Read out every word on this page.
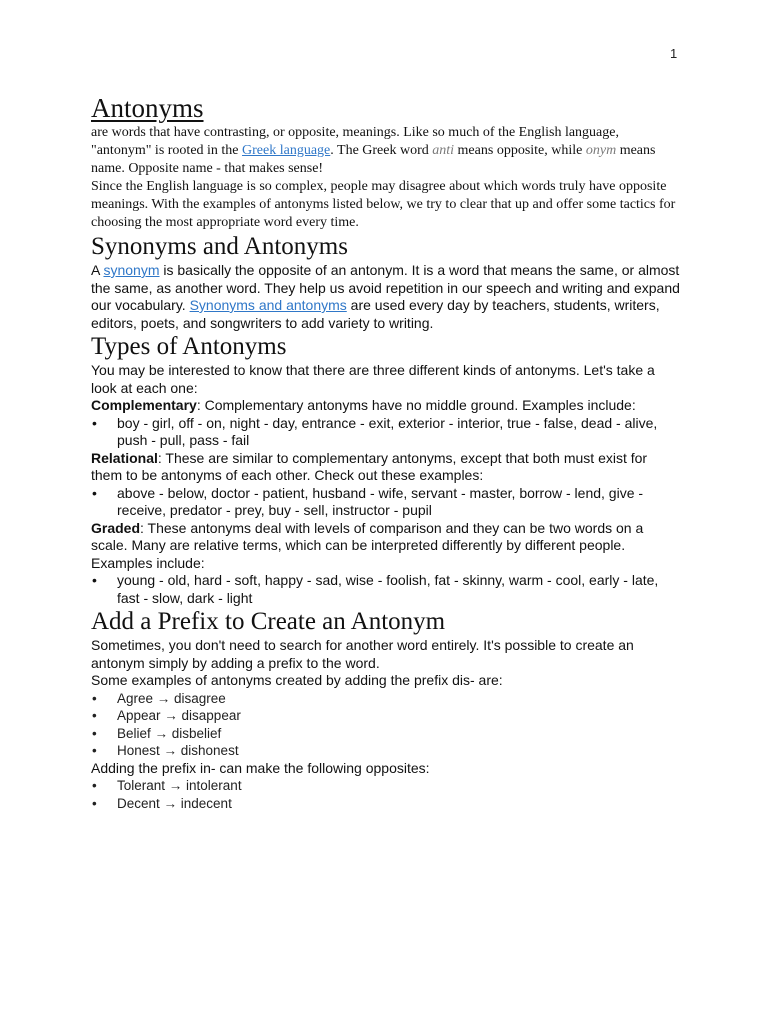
1
Antonyms

are words that have contrasting, or opposite, meanings. Like so much of the English language, "antonym" is rooted in the Greek language. The Greek word anti means opposite, while onym means name. Opposite name - that makes sense!

Since the English language is so complex, people may disagree about which words truly have opposite meanings. With the examples of antonyms listed below, we try to clear that up and offer some tactics for choosing the most appropriate word every time.

Synonyms and Antonyms

A synonym is basically the opposite of an antonym. It is a word that means the same, or almost the same, as another word. They help us avoid repetition in our speech and writing and expand our vocabulary. Synonyms and antonyms are used every day by teachers, students, writers, editors, poets, and songwriters to add variety to writing.

Types of Antonyms

You may be interested to know that there are three different kinds of antonyms. Let's take a look at each one:

Complementary: Complementary antonyms have no middle ground. Examples include:

• boy - girl, off - on, night - day, entrance - exit, exterior - interior, true - false, dead - alive, push - pull, pass - fail

Relational: These are similar to complementary antonyms, except that both must exist for them to be antonyms of each other. Check out these examples:

• above - below, doctor - patient, husband - wife, servant - master, borrow - lend, give - receive, predator - prey, buy - sell, instructor - pupil

Graded: These antonyms deal with levels of comparison and they can be two words on a scale. Many are relative terms, which can be interpreted differently by different people. Examples include:

• young - old, hard - soft, happy - sad, wise - foolish, fat - skinny, warm - cool, early - late, fast - slow, dark - light
Add a Prefix to Create an Antonym

Sometimes, you don't need to search for another word entirely. It's possible to create an antonym simply by adding a prefix to the word.

Some examples of antonyms created by adding the prefix dis- are:

• Agree → disagree
• Appear → disappear
• Belief → disbelief
• Honest → dishonest

Adding the prefix in- can make the following opposites:

• Tolerant → intolerant
• Decent → indecent
